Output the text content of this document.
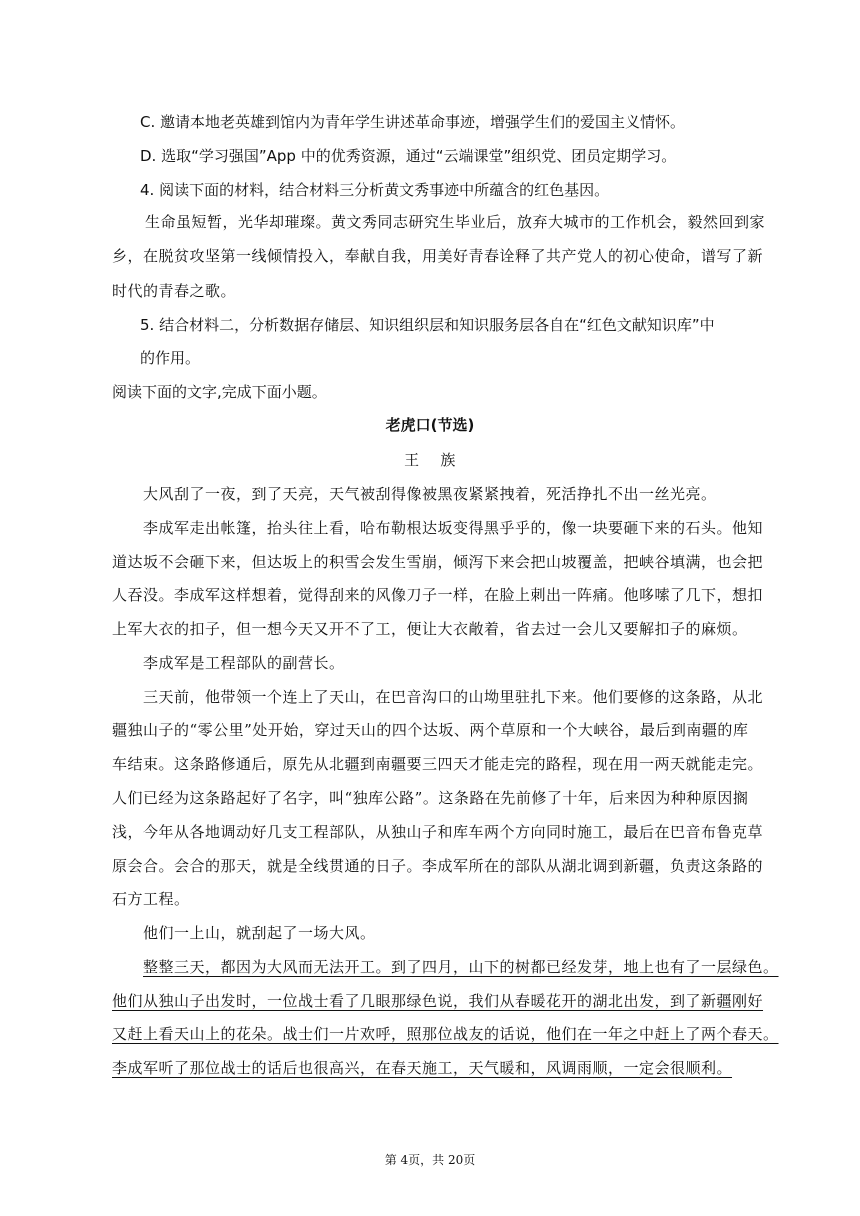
C. 邀请本地老英雄到馆内为青年学生讲述革命事迹，增强学生们的爱国主义情怀。
D. 选取“学习强国”App 中的优秀资源，通过“云端课堂”组织党、团员定期学习。
4. 阅读下面的材料，结合材料三分析黄文秀事迹中所蕴含的红色基因。
生命虽短暂，光华却璀璨。黄文秀同志研究生毕业后，放弃大城市的工作机会，毅然回到家
乡，在脱贫攻坚第一线倾情投入，奉献自我，用美好青春诠释了共产党人的初心使命，谱写了新
时代的青春之歌。
5. 结合材料二，分析数据存储层、知识组织层和知识服务层各自在“红色文献知识库”中
的作用。
阅读下面的文字,完成下面小题。
老虎口(节选)
王　 族
大风刮了一夜，到了天亮，天气被刮得像被黑夜紧紧拽着，死活挣扎不出一丝光亮。
李成军走出帐篷，抬头往上看，哈布勒根达坂变得黑乎乎的，像一块要砸下来的石头。他知
道达坂不会砸下来，但达坂上的积雪会发生雪崩，倾泻下来会把山坡覆盖，把峡谷填满，也会把
人吞没。李成军这样想着，觉得刮来的风像刀子一样，在脸上刺出一阵痛。他哆嗦了几下，想扣
上军大衣的扣子，但一想今天又开不了工，便让大衣敞着，省去过一会儿又要解扣子的麻烦。
李成军是工程部队的副营长。
三天前，他带领一个连上了天山，在巴音沟口的山坳里驻扎下来。他们要修的这条路，从北
疆独山子的“零公里”处开始，穿过天山的四个达坂、两个草原和一个大峡谷，最后到南疆的库
车结束。这条路修通后，原先从北疆到南疆要三四天才能走完的路程，现在用一两天就能走完。
人们已经为这条路起好了名字，叫“独库公路”。这条路在先前修了十年，后来因为种种原因搁
浅，今年从各地调动好几支工程部队，从独山子和库车两个方向同时施工，最后在巴音布鲁克草
原会合。会合的那天，就是全线贯通的日子。李成军所在的部队从湖北调到新疆，负责这条路的
石方工程。
他们一上山，就刮起了一场大风。
整整三天，都因为大风而无法开工。到了四月，山下的树都已经发芽，地上也有了一层绿色。
他们从独山子出发时，一位战士看了几眼那绿色说，我们从春暖花开的湖北出发，到了新疆刚好
又赶上看天山上的花朵。战士们一片欢呼，照那位战友的话说，他们在一年之中赶上了两个春天。
李成军听了那位战士的话后也很高兴，在春天施工，天气暖和，风调雨顺，一定会很顺利。
第 4页，共 20页
